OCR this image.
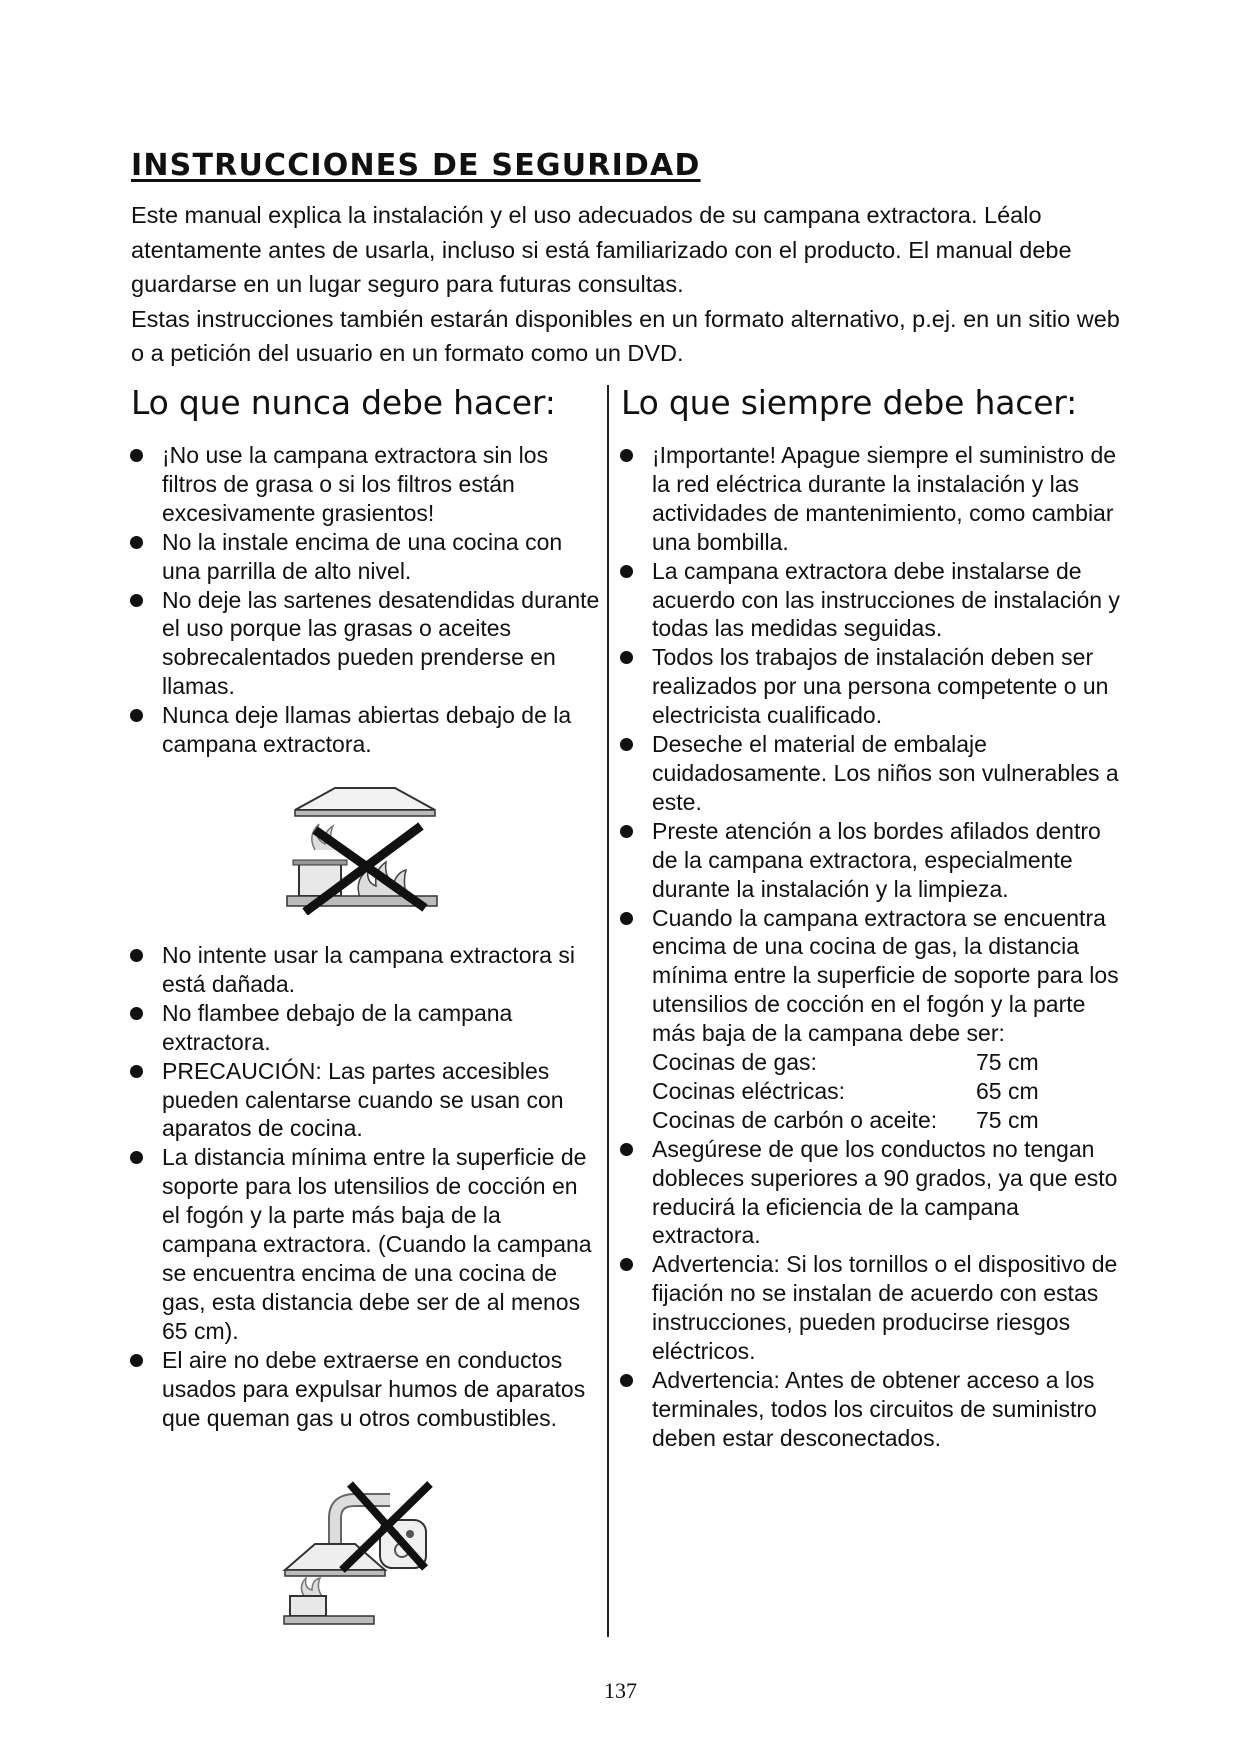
INSTRUCCIONES DE SEGURIDAD

Este manual explica la instalación y el uso adecuados de su campana extractora. Léalo atentamente antes de usarla, incluso si está familiarizado con el producto. El manual debe guardarse en un lugar seguro para futuras consultas.

Estas instrucciones también estarán disponibles en un formato alternativo, p.ej. en un sitio web o a petición del usuario en un formato como un DVD.

Lo que nunca debe hacer: Lo que siempre debe hacer:
¡No use la campana extractora sin los filtros de grasa o si los filtros están excesivamente grasientos!
No la instale encima de una cocina con una parrilla de alto nivel.
No deje las sartenes desatendidas durante el uso porque las grasas o aceites sobrecalentados pueden prenderse en llamas.
Nunca deje llamas abiertas debajo de la campana extractora.
No intente usar la campana extractora si está dañada.
No flambee debajo de la campana extractora.
PRECAUCIÓN: Las partes accesibles pueden calentarse cuando se usan con aparatos de cocina.
La distancia mínima entre la superficie de soporte para los utensilios de cocción en el fogón y la parte más baja de la campana extractora. (Cuando la campana se encuentra encima de una cocina de gas, esta distancia debe ser de al menos 65 cm).
El aire no debe extraerse en conductos usados para expulsar humos de aparatos que queman gas u otros combustibles.
¡Importante! Apague siempre el suministro de la red eléctrica durante la instalación y las actividades de mantenimiento, como cambiar una bombilla.
La campana extractora debe instalarse de acuerdo con las instrucciones de instalación y todas las medidas seguidas.
Todos los trabajos de instalación deben ser realizados por una persona competente o un electricista cualificado.
Deseche el material de embalaje cuidadosamente. Los niños son vulnerables a este.
Preste atención a los bordes afilados dentro de la campana extractora, especialmente durante la instalación y la limpieza.
Cuando la campana extractora se encuentra encima de una cocina de gas, la distancia mínima entre la superficie de soporte para los utensilios de cocción en el fogón y la parte más baja de la campana debe ser:
Cocinas de gas:	75 cm
Cocinas eléctricas:	65 cm
Cocinas de carbón o aceite:	75 cm
Asegúrese de que los conductos no tengan dobleces superiores a 90 grados, ya que esto reducirá la eficiencia de la campana extractora.
Advertencia: Si los tornillos o el dispositivo de fijación no se instalan de acuerdo con estas instrucciones, pueden producirse riesgos eléctricos.
Advertencia: Antes de obtener acceso a los terminales, todos los circuitos de suministro deben estar desconectados.
137
